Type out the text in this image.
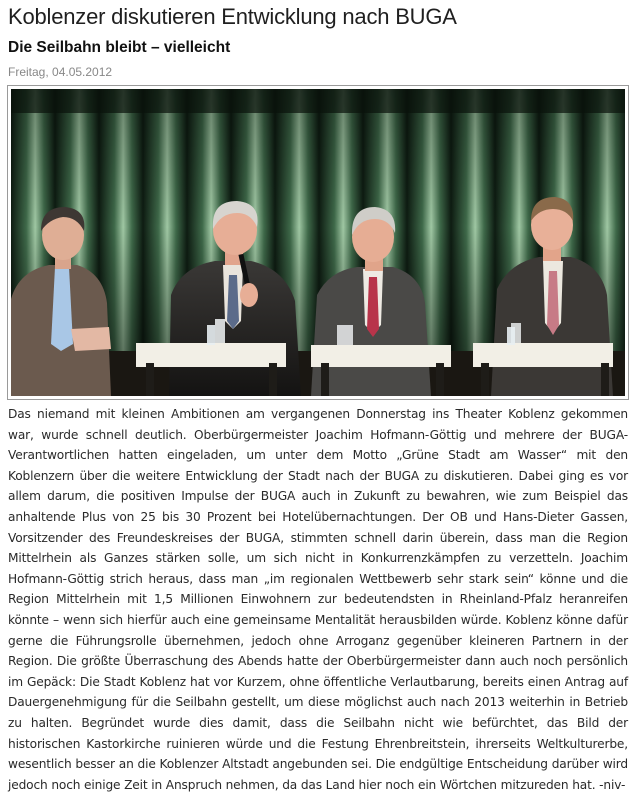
Koblenzer diskutieren Entwicklung nach BUGA
Die Seilbahn bleibt – vielleicht
Freitag, 04.05.2012

Das niemand mit kleinen Ambitionen am vergangenen Donnerstag ins Theater Koblenz gekommen war, wurde schnell deutlich. Oberbürgermeister Joachim Hofmann-Göttig und mehrere der BUGA-Verantwortlichen hatten eingeladen, um unter dem Motto „Grüne Stadt am Wasser“ mit den Koblenzern über die weitere Entwicklung der Stadt nach der BUGA zu diskutieren. Dabei ging es vor allem darum, die positiven Impulse der BUGA auch in Zukunft zu bewahren, wie zum Beispiel das anhaltende Plus von 25 bis 30 Prozent bei Hotelübernachtungen. Der OB und Hans-Dieter Gassen, Vorsitzender des Freundeskreises der BUGA, stimmten schnell darin überein, dass man die Region Mittelrhein als Ganzes stärken solle, um sich nicht in Konkurrenzkämpfen zu verzetteln. Joachim Hofmann-Göttig strich heraus, dass man „im regionalen Wettbewerb sehr stark sein“ könne und die Region Mittelrhein mit 1,5 Millionen Einwohnern zur bedeutendsten in Rheinland-Pfalz heranreifen könnte – wenn sich hierfür auch eine gemeinsame Mentalität herausbilden würde. Koblenz könne dafür gerne die Führungsrolle übernehmen, jedoch ohne Arroganz gegenüber kleineren Partnern in der Region. Die größte Überraschung des Abends hatte der Oberbürgermeister dann auch noch persönlich im Gepäck: Die Stadt Koblenz hat vor Kurzem, ohne öffentliche Verlautbarung, bereits einen Antrag auf Dauergenehmigung für die Seilbahn gestellt, um diese möglichst auch nach 2013 weiterhin in Betrieb zu halten. Begründet wurde dies damit, dass die Seilbahn nicht wie befürchtet, das Bild der historischen Kastorkirche ruinieren würde und die Festung Ehrenbreitstein, ihrerseits Weltkulturerbe, wesentlich besser an die Koblenzer Altstadt angebunden sei. Die endgültige Entscheidung darüber wird jedoch noch einige Zeit in Anspruch nehmen, da das Land hier noch ein Wörtchen mitzureden hat. -niv-
